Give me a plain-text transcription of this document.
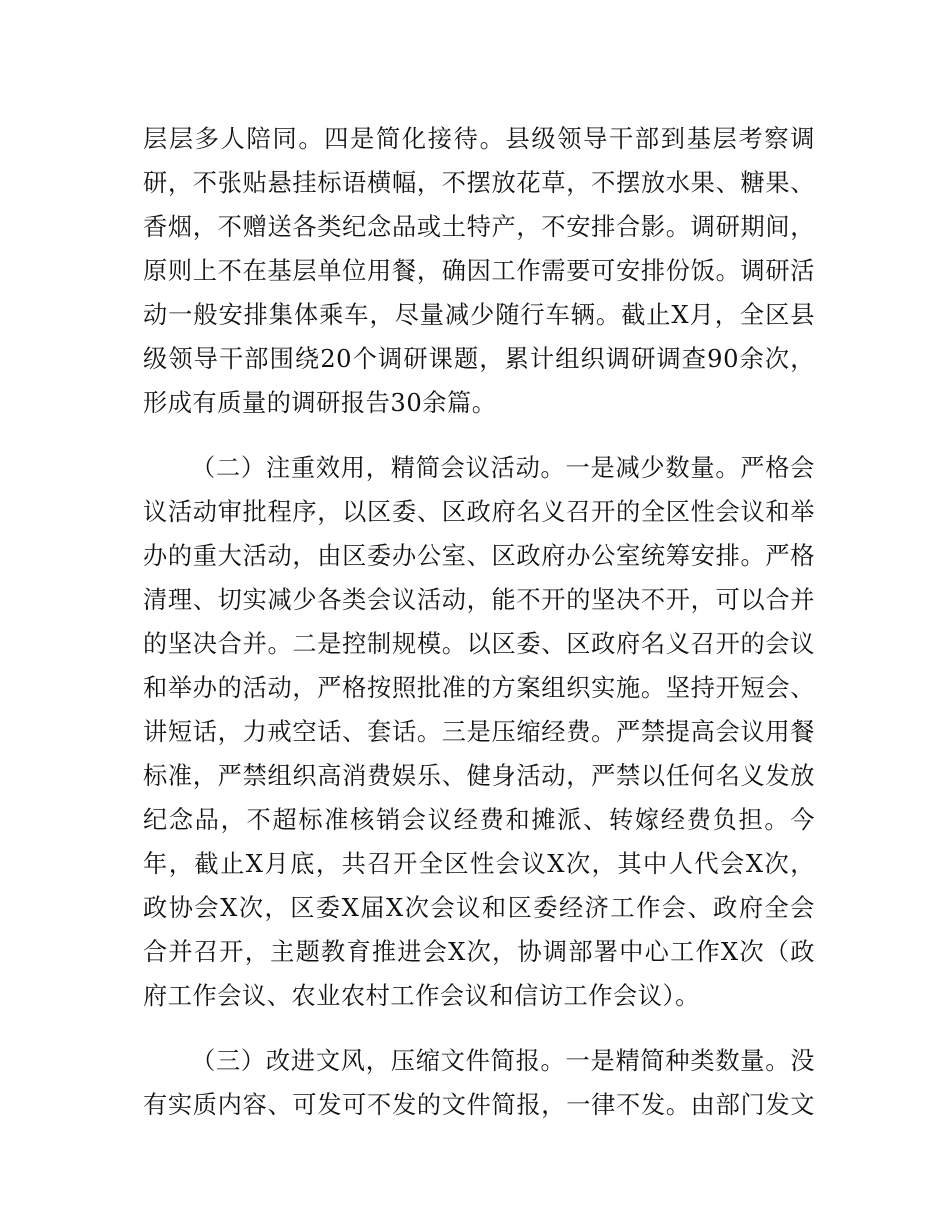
层层多人陪同。四是简化接待。县级领导干部到基层考察调
研，不张贴悬挂标语横幅，不摆放花草，不摆放水果、糖果、
香烟，不赠送各类纪念品或土特产，不安排合影。调研期间，
原则上不在基层单位用餐，确因工作需要可安排份饭。调研活
动一般安排集体乘车，尽量减少随行车辆。截止X月，全区县
级领导干部围绕20个调研课题，累计组织调研调查90余次，
形成有质量的调研报告30余篇。
（二）注重效用，精简会议活动。一是减少数量。严格会
议活动审批程序，以区委、区政府名义召开的全区性会议和举
办的重大活动，由区委办公室、区政府办公室统筹安排。严格
清理、切实减少各类会议活动，能不开的坚决不开，可以合并
的坚决合并。二是控制规模。以区委、区政府名义召开的会议
和举办的活动，严格按照批准的方案组织实施。坚持开短会、
讲短话，力戒空话、套话。三是压缩经费。严禁提高会议用餐
标准，严禁组织高消费娱乐、健身活动，严禁以任何名义发放
纪念品，不超标准核销会议经费和摊派、转嫁经费负担。今
年，截止X月底，共召开全区性会议X次，其中人代会X次，
政协会X次，区委X届X次会议和区委经济工作会、政府全会
合并召开，主题教育推进会X次，协调部署中心工作X次（政
府工作会议、农业农村工作会议和信访工作会议）。
（三）改进文风，压缩文件简报。一是精简种类数量。没
有实质内容、可发可不发的文件简报，一律不发。由部门发文
